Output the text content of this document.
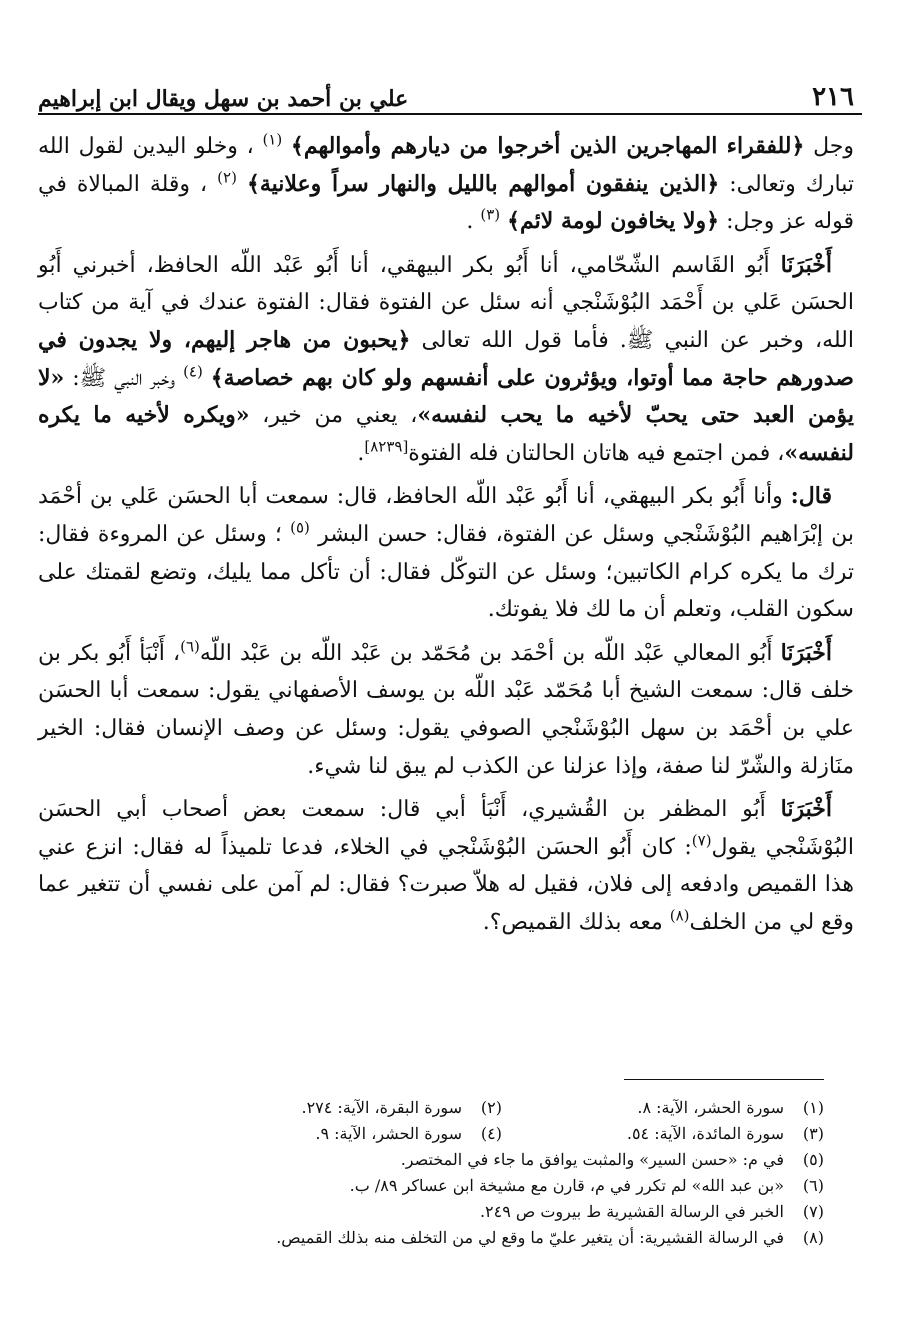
٢١٦
علي بن أحمد بن سهل ويقال ابن إبراهيم

وجل ﴿للفقراء المهاجرين الذين أخرجوا من ديارهم وأموالهم﴾ $^{(١)}$ ، وخلو اليدين لقول الله تبارك وتعالى: ﴿الذين ينفقون أموالهم بالليل والنهار سراً وعلانية﴾ $^{(٢)}$ ، وقلة المبالاة في قوله عز وجل: ﴿ولا يخافون لومة لائم﴾ $^{(٣)}$ .

أَخْبَرَنَا أَبُو القَاسم الشّحّامي، أنا أَبُو بكر البيهقي، أنا أَبُو عَبْد اللّه الحافظ، أخبرني أَبُو الحسَن عَلي بن أَحْمَد البُوْشَنْجي أنه سئل عن الفتوة فقال: الفتوة عندك في آية من كتاب الله، وخبر عن النبي ﷺ. فأما قول الله تعالى ﴿يحبون من هاجر إليهم، ولا يجدون في صدورهم حاجة مما أوتوا، ويؤثرون على أنفسهم ولو كان بهم خصاصة﴾ $^{(٤)}$ وخبر النبي ﷺ: «لا يؤمن العبد حتى يحبّ لأخيه ما يحب لنفسه»، يعني من خير، «ويكره لأخيه ما يكره لنفسه»، فمن اجتمع فيه هاتان الحالتان فله الفتوة[٨٢٣٩].

قال: وأنا أَبُو بكر البيهقي، أنا أَبُو عَبْد اللّه الحافظ، قال: سمعت أبا الحسَن عَلي بن أحْمَد بن إبْرَاهيم البُوْشَنْجي وسئل عن الفتوة، فقال: حسن البشر $^{(٥)}$ ؛ وسئل عن المروءة فقال: ترك ما يكره كرام الكاتبين؛ وسئل عن التوكّل فقال: أن تأكل مما يليك، وتضع لقمتك على سكون القلب، وتعلم أن ما لك فلا يفوتك.

أَخْبَرَنَا أَبُو المعالي عَبْد اللّه بن أحْمَد بن مُحَمّد بن عَبْد اللّه بن عَبْد اللّه$^{(٦)}$، أَنْبَأ أَبُو بكر بن خلف قال: سمعت الشيخ أبا مُحَمّد عَبْد اللّه بن يوسف الأصفهاني يقول: سمعت أبا الحسَن علي بن أحْمَد بن سهل البُوْشَنْجي الصوفي يقول: وسئل عن وصف الإنسان فقال: الخير منَازلة والشّرّ لنا صفة، وإذا عزلنا عن الكذب لم يبق لنا شيء.

أَخْبَرَنَا أَبُو المظفر بن القُشيري، أَنْبَأ أبي قال: سمعت بعض أصحاب أبي الحسَن البُوْشَنْجي يقول$^{(٧)}$: كان أَبُو الحسَن البُوْشَنْجي في الخلاء، فدعا تلميذاً له فقال: انزع عني هذا القميص وادفعه إلى فلان، فقيل له هلاّ صبرت؟ فقال: لم آمن على نفسي أن تتغير عما وقع لي من الخلف$^{(٨)}$ معه بذلك القميص؟.

(١)
سورة الحشر، الآية: ٨.
(٢)
سورة البقرة، الآية: ٢٧٤.
(٣)
سورة المائدة، الآية: ٥٤.
(٤)
سورة الحشر، الآية: ٩.
(٥)
في م: «حسن السير» والمثبت يوافق ما جاء في المختصر.
(٦)
«بن عبد الله» لم تكرر في م، قارن مع مشيخة ابن عساكر ٨٩/ ب.
(٧)
الخبر في الرسالة القشيرية ط بيروت ص ٢٤٩.
(٨)
في الرسالة القشيرية: أن يتغير عليّ ما وقع لي من التخلف منه بذلك القميص.
